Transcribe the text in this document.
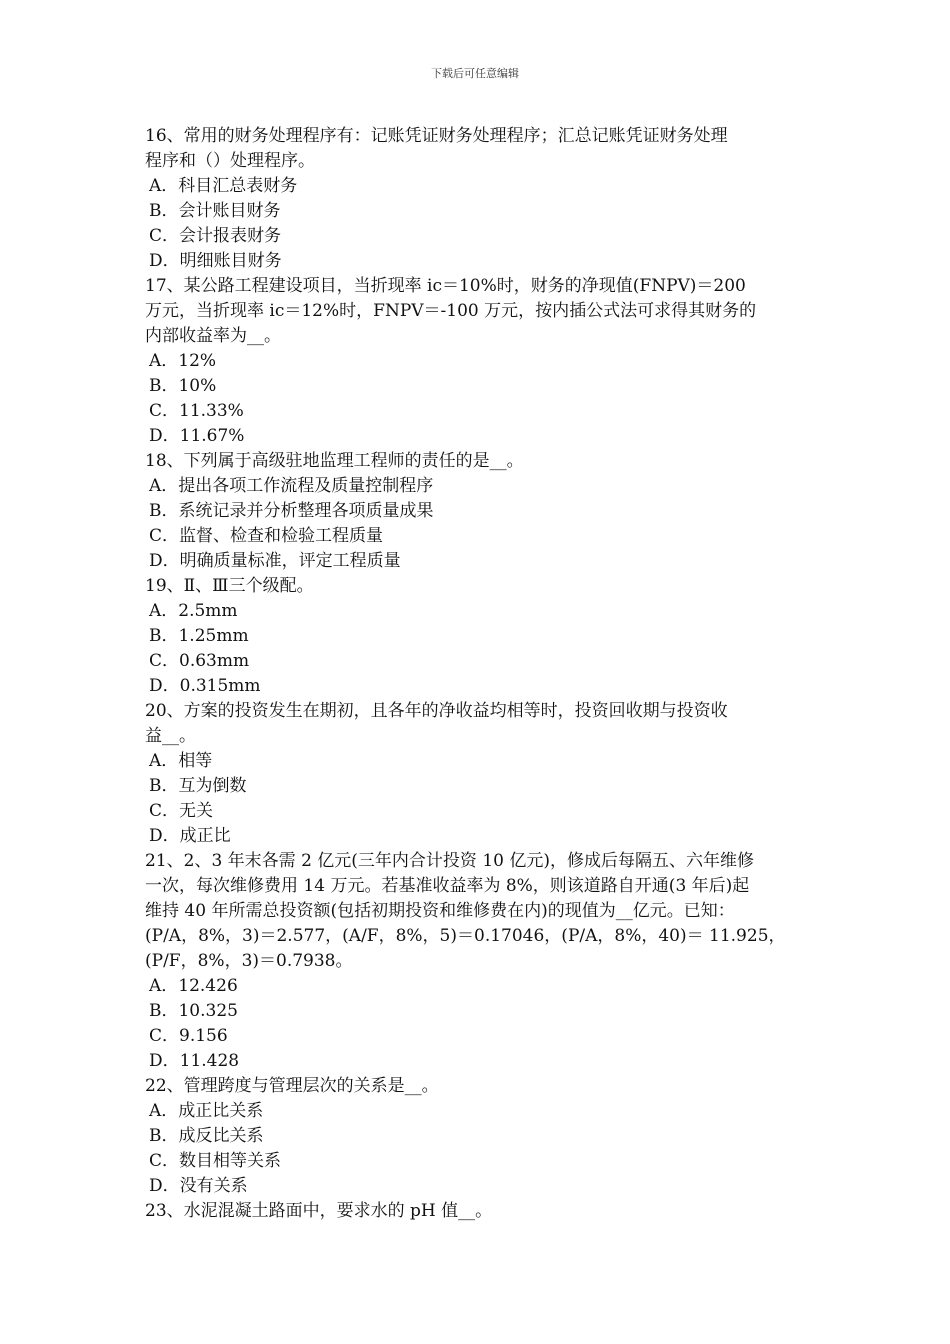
下载后可任意编辑
16、常用的财务处理程序有：记账凭证财务处理程序；汇总记账凭证财务处理
程序和（）处理程序。
A．科目汇总表财务
B．会计账目财务
C．会计报表财务
D．明细账目财务
17、某公路工程建设项目，当折现率 ic＝10%时，财务的净现值(FNPV)＝200
万元，当折现率 ic＝12%时，FNPV＝-100 万元，按内插公式法可求得其财务的
内部收益率为__。
A．12%
B．10%
C．11.33%
D．11.67%
18、下列属于高级驻地监理工程师的责任的是__。
A．提出各项工作流程及质量控制程序
B．系统记录并分析整理各项质量成果
C．监督、检查和检验工程质量
D．明确质量标准，评定工程质量
19、Ⅱ、Ⅲ三个级配。
A．2.5mm
B．1.25mm
C．0.63mm
D．0.315mm
20、方案的投资发生在期初，且各年的净收益均相等时，投资回收期与投资收
益__。
A．相等
B．互为倒数
C．无关
D．成正比
21、2、3 年末各需 2 亿元(三年内合计投资 10 亿元)，修成后每隔五、六年维修
一次，每次维修费用 14 万元。若基准收益率为 8%，则该道路自开通(3 年后)起
维持 40 年所需总投资额(包括初期投资和维修费在内)的现值为__亿元。已知：
(P/A，8%，3)＝2.577，(A/F，8%，5)＝0.17046，(P/A，8%，40)＝ 11.925，
(P/F，8%，3)＝0.7938。
A．12.426
B．10.325
C．9.156
D．11.428
22、管理跨度与管理层次的关系是__。
A．成正比关系
B．成反比关系
C．数目相等关系
D．没有关系
23、水泥混凝土路面中，要求水的 pH 值__。
